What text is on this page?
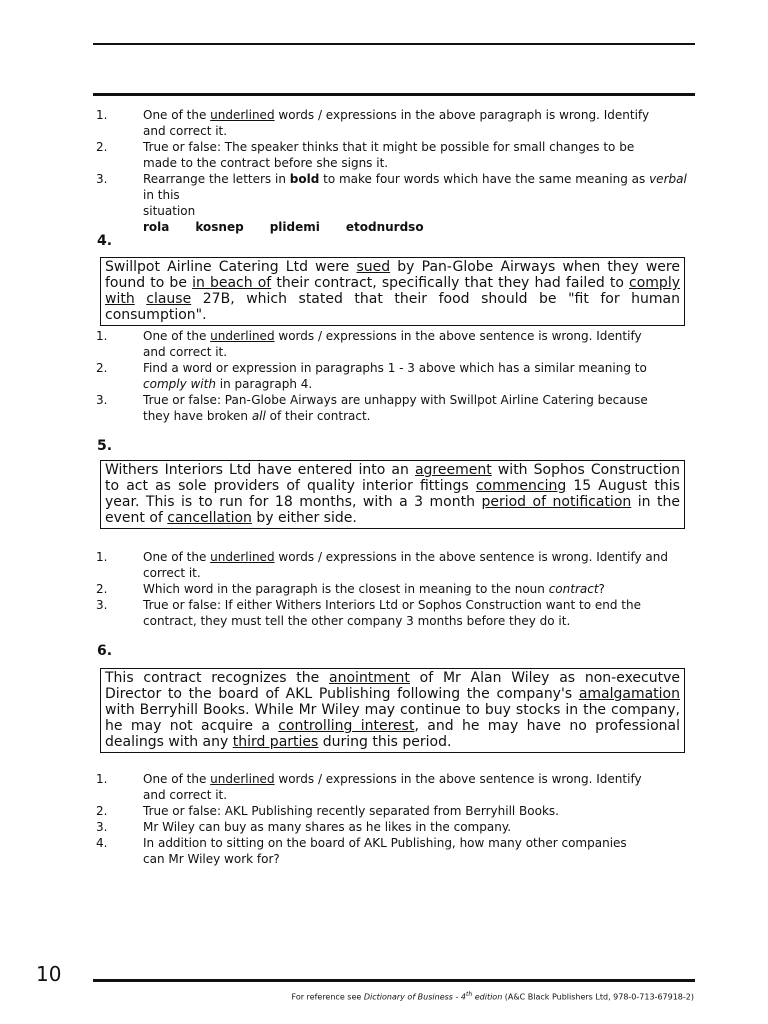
1.	One of the underlined words / expressions in the above paragraph is wrong. Identify
and correct it.
2.	True or false: The speaker thinks that it might be possible for small changes to be
made to the contract before she signs it.
3.	Rearrange the letters in bold to make four words which have the same meaning as verbal in this
situation
rola kosnep plidemi etodnurdso
4.
Swillpot Airline Catering Ltd were sued by Pan-Globe Airways when they were found to be in beach of their contract, specifically that they had failed to comply with clause 27B, which stated that their food should be "fit for human consumption".
1.	One of the underlined words / expressions in the above sentence is wrong. Identify
and correct it.
2.	Find a word or expression in paragraphs 1 - 3 above which has a similar meaning to
comply with in paragraph 4.
3.	True or false: Pan-Globe Airways are unhappy with Swillpot Airline Catering because
they have broken all of their contract.
5.
Withers Interiors Ltd have entered into an agreement with Sophos Construction to act as sole providers of quality interior fittings commencing 15 August this year. This is to run for 18 months, with a 3 month period of notification in the event of cancellation by either side.
1.	One of the underlined words / expressions in the above sentence is wrong. Identify and
correct it.
2.	Which word in the paragraph is the closest in meaning to the noun contract?
3.	True or false: If either Withers Interiors Ltd or Sophos Construction want to end the
contract, they must tell the other company 3 months before they do it.
6.
This contract recognizes the anointment of Mr Alan Wiley as non-executve Director to the board of AKL Publishing following the company's amalgamation with Berryhill Books. While Mr Wiley may continue to buy stocks in the company, he may not acquire a controlling interest, and he may have no professional dealings with any third parties during this period.
1.	One of the underlined words / expressions in the above sentence is wrong. Identify
and correct it.
2.	True or false: AKL Publishing recently separated from Berryhill Books.
3.	Mr Wiley can buy as many shares as he likes in the company.
4.	In addition to sitting on the board of AKL Publishing, how many other companies
can Mr Wiley work for?
10
For reference see Dictionary of Business - 4th edition (A&C Black Publishers Ltd, 978-0-713-67918-2)
